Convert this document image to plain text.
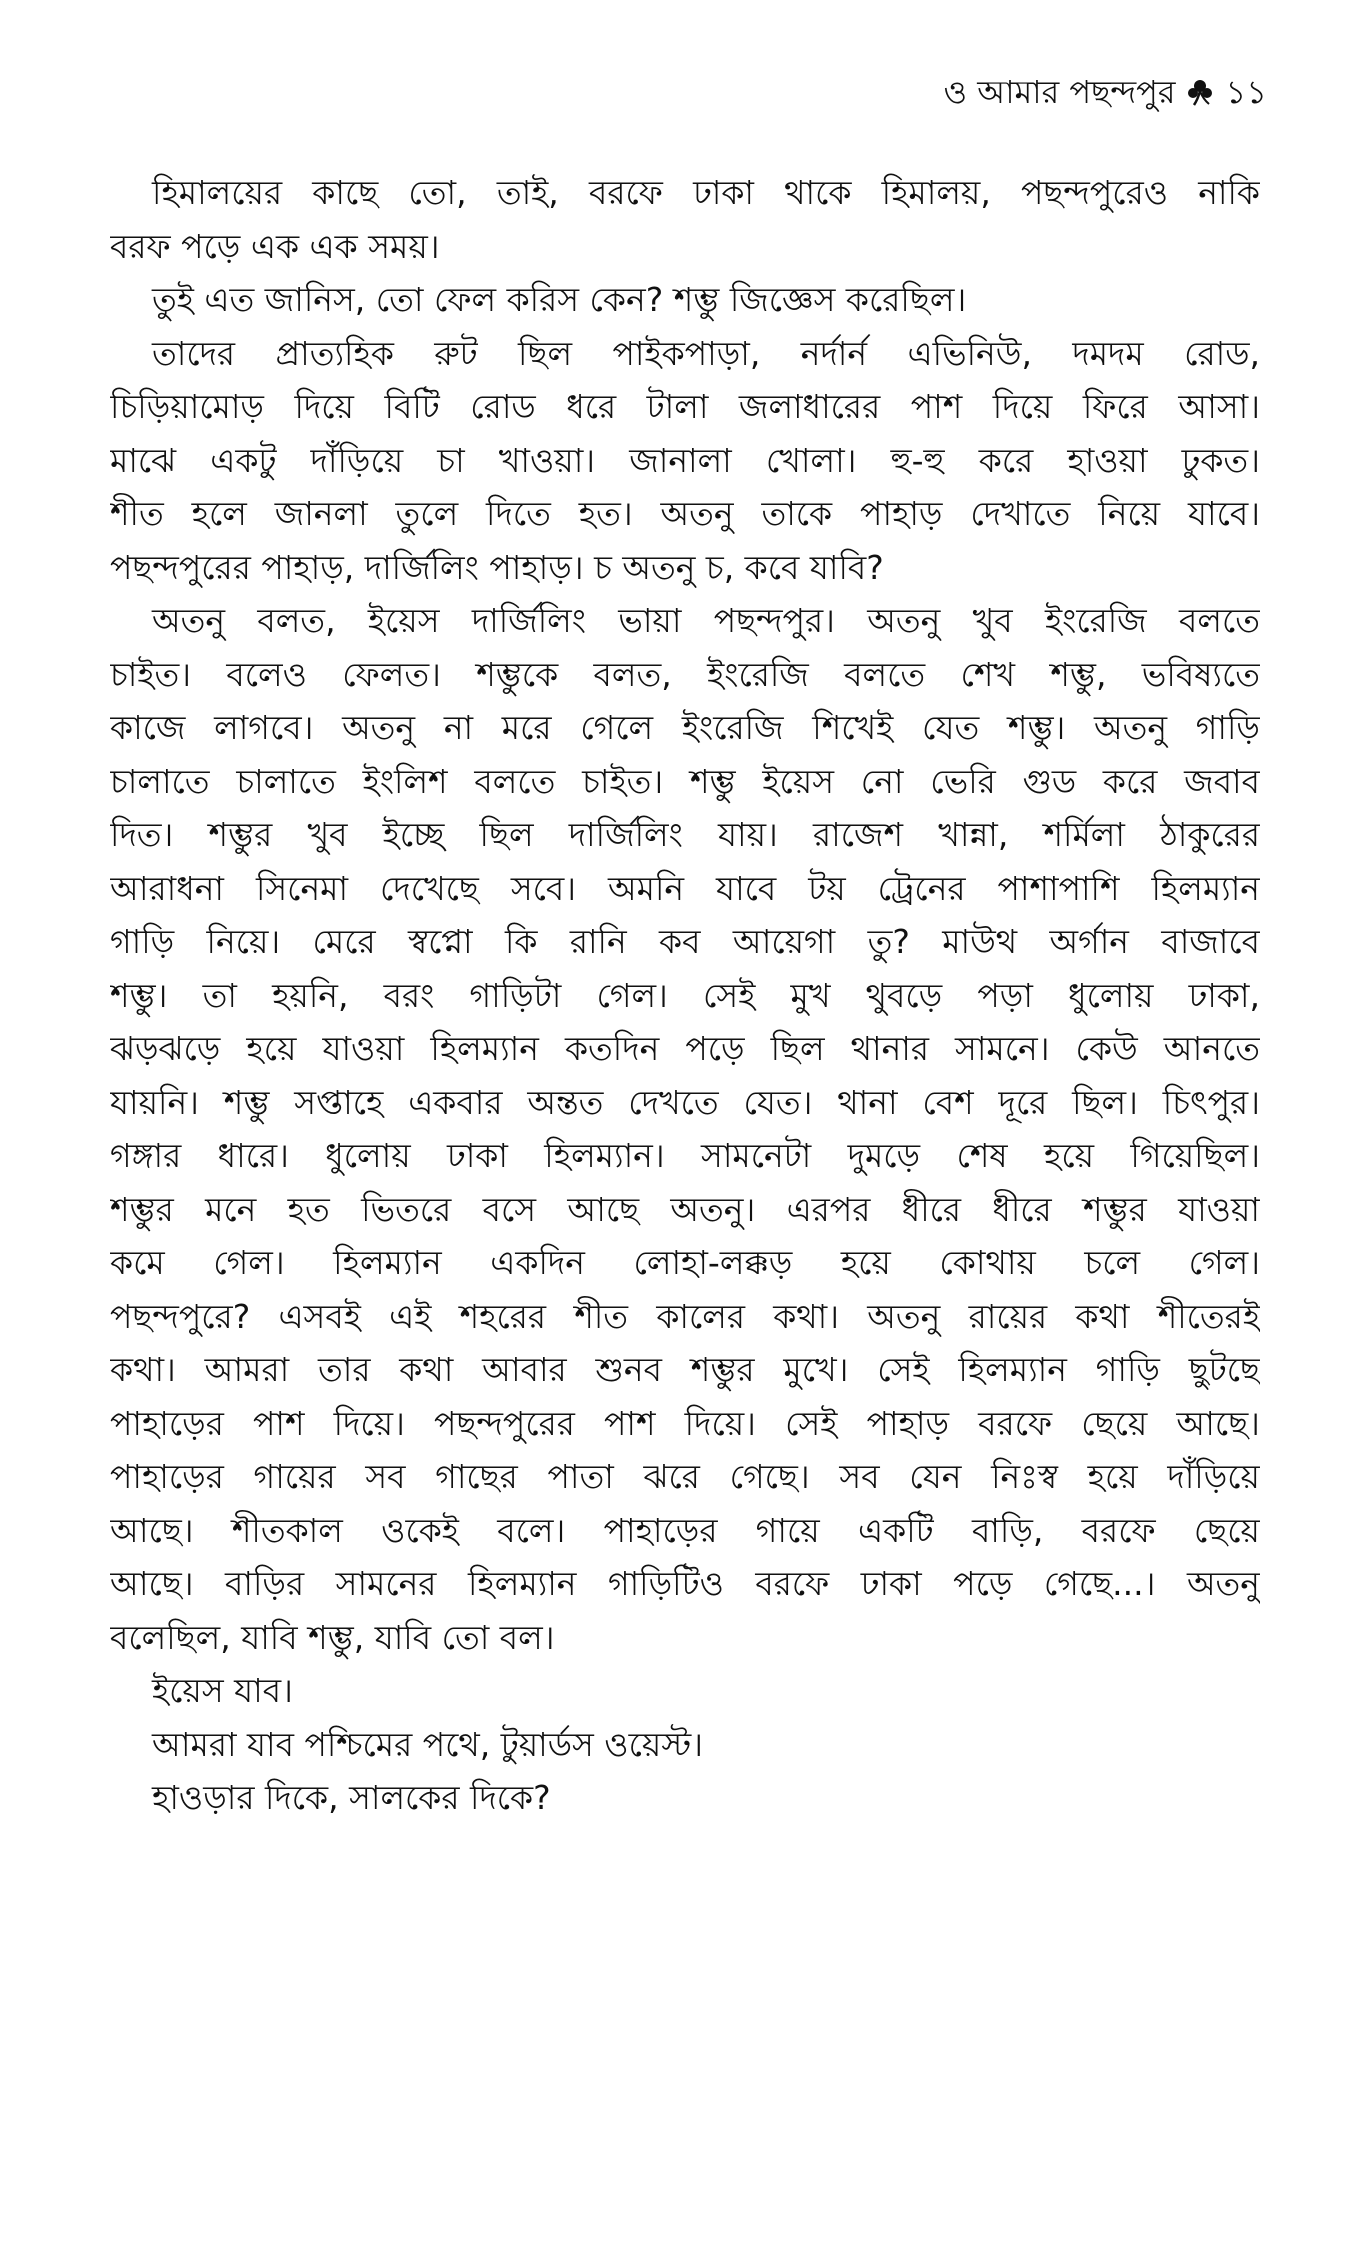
ও আমার পছন্দপুর ১১
হিমালয়ের কাছে তো, তাই, বরফে ঢাকা থাকে হিমালয়, পছন্দপুরেও নাকি
বরফ পড়ে এক এক সময়।
তুই এত জানিস, তো ফেল করিস কেন? শম্ভু জিজ্ঞেস করেছিল।
তাদের প্রাত্যহিক রুট ছিল পাইকপাড়া, নর্দার্ন এভিনিউ, দমদম রোড,
চিড়িয়ামোড় দিয়ে বিটি রোড ধরে টালা জলাধারের পাশ দিয়ে ফিরে আসা।
মাঝে একটু দাঁড়িয়ে চা খাওয়া। জানালা খোলা। হু-হু করে হাওয়া ঢুকত।
শীত হলে জানলা তুলে দিতে হত। অতনু তাকে পাহাড় দেখাতে নিয়ে যাবে।
পছন্দপুরের পাহাড়, দার্জিলিং পাহাড়। চ অতনু চ, কবে যাবি?
অতনু বলত, ইয়েস দার্জিলিং ভায়া পছন্দপুর। অতনু খুব ইংরেজি বলতে
চাইত। বলেও ফেলত। শম্ভুকে বলত, ইংরেজি বলতে শেখ শম্ভু, ভবিষ্যতে
কাজে লাগবে। অতনু না মরে গেলে ইংরেজি শিখেই যেত শম্ভু। অতনু গাড়ি
চালাতে চালাতে ইংলিশ বলতে চাইত। শম্ভু ইয়েস নো ভেরি গুড করে জবাব
দিত। শম্ভুর খুব ইচ্ছে ছিল দার্জিলিং যায়। রাজেশ খান্না, শর্মিলা ঠাকুরের
আরাধনা সিনেমা দেখেছে সবে। অমনি যাবে টয় ট্রেনের পাশাপাশি হিলম্যান
গাড়ি নিয়ে। মেরে স্বপ্নো কি রানি কব আয়েগা তু? মাউথ অর্গান বাজাবে
শম্ভু। তা হয়নি, বরং গাড়িটা গেল। সেই মুখ থুবড়ে পড়া ধুলোয় ঢাকা,
ঝড়ঝড়ে হয়ে যাওয়া হিলম্যান কতদিন পড়ে ছিল থানার সামনে। কেউ আনতে
যায়নি। শম্ভু সপ্তাহে একবার অন্তত দেখতে যেত। থানা বেশ দূরে ছিল। চিৎপুর।
গঙ্গার ধারে। ধুলোয় ঢাকা হিলম্যান। সামনেটা দুমড়ে শেষ হয়ে গিয়েছিল।
শম্ভুর মনে হত ভিতরে বসে আছে অতনু। এরপর ধীরে ধীরে শম্ভুর যাওয়া
কমে গেল। হিলম্যান একদিন লোহা-লক্কড় হয়ে কোথায় চলে গেল।
পছন্দপুরে? এসবই এই শহরের শীত কালের কথা। অতনু রায়ের কথা শীতেরই
কথা। আমরা তার কথা আবার শুনব শম্ভুর মুখে। সেই হিলম্যান গাড়ি ছুটছে
পাহাড়ের পাশ দিয়ে। পছন্দপুরের পাশ দিয়ে। সেই পাহাড় বরফে ছেয়ে আছে।
পাহাড়ের গায়ের সব গাছের পাতা ঝরে গেছে। সব যেন নিঃস্ব হয়ে দাঁড়িয়ে
আছে। শীতকাল ওকেই বলে। পাহাড়ের গায়ে একটি বাড়ি, বরফে ছেয়ে
আছে। বাড়ির সামনের হিলম্যান গাড়িটিও বরফে ঢাকা পড়ে গেছে...। অতনু
বলেছিল, যাবি শম্ভু, যাবি তো বল।
ইয়েস যাব।
আমরা যাব পশ্চিমের পথে, টুয়ার্ডস ওয়েস্ট।
হাওড়ার দিকে, সালকের দিকে?
